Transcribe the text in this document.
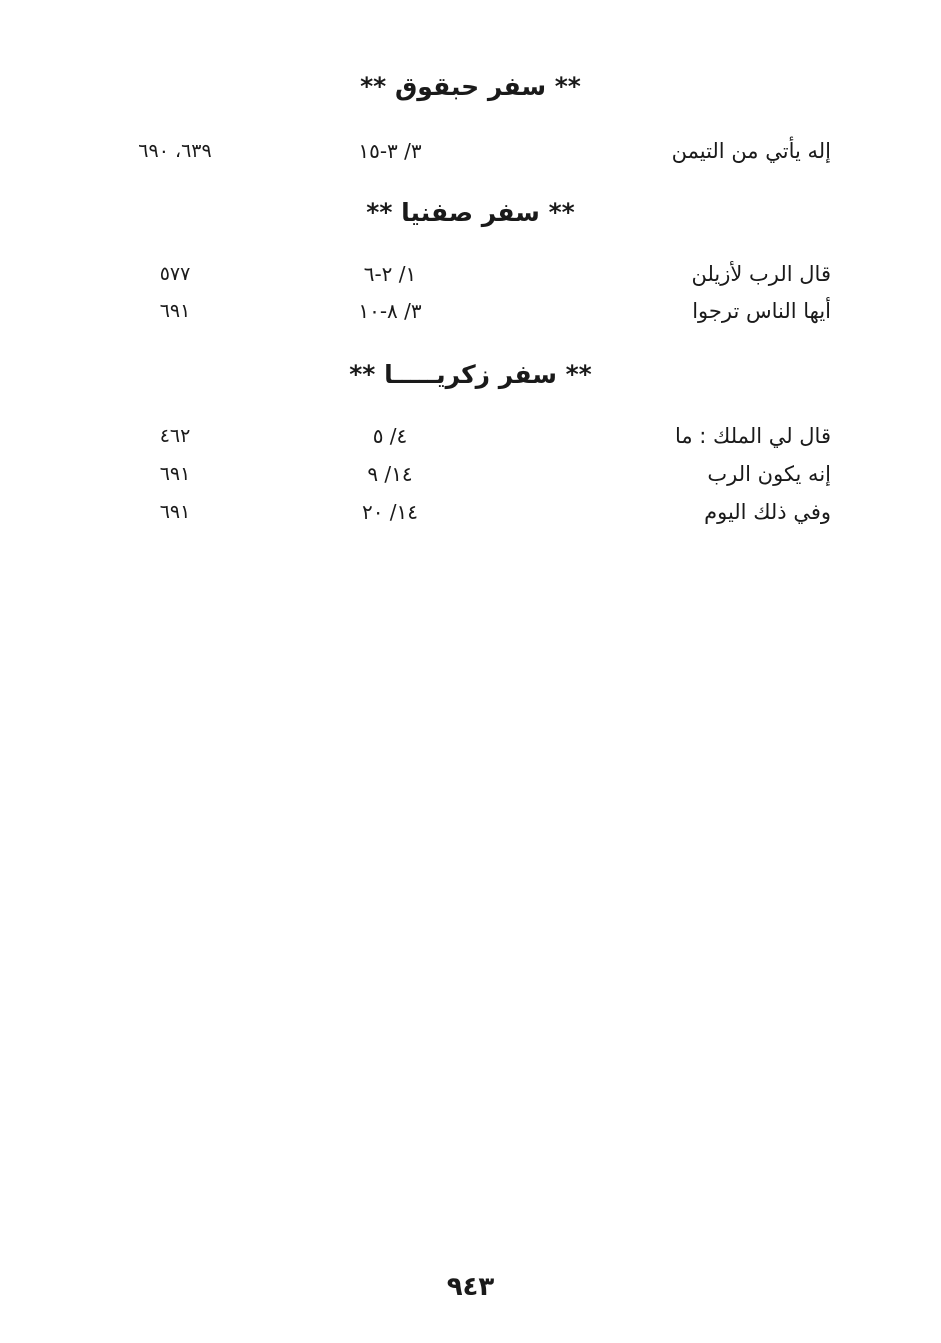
** سفر حبقوق **
إله يأتي من التيمن
٣/ ٣-١٥
٦٣٩، ٦٩٠
** سفر صفنيا **
قال الرب لأزيلن
١/ ٢-٦
٥٧٧
أيها الناس ترجوا
٣/ ٨-١٠
٦٩١
** سفر زكريـــــا **
قال لي الملك : ما
٤/ ٥
٤٦٢
إنه يكون الرب
١٤/ ٩
٦٩١
وفي ذلك اليوم
١٤/ ٢٠
٦٩١
٩٤٣
